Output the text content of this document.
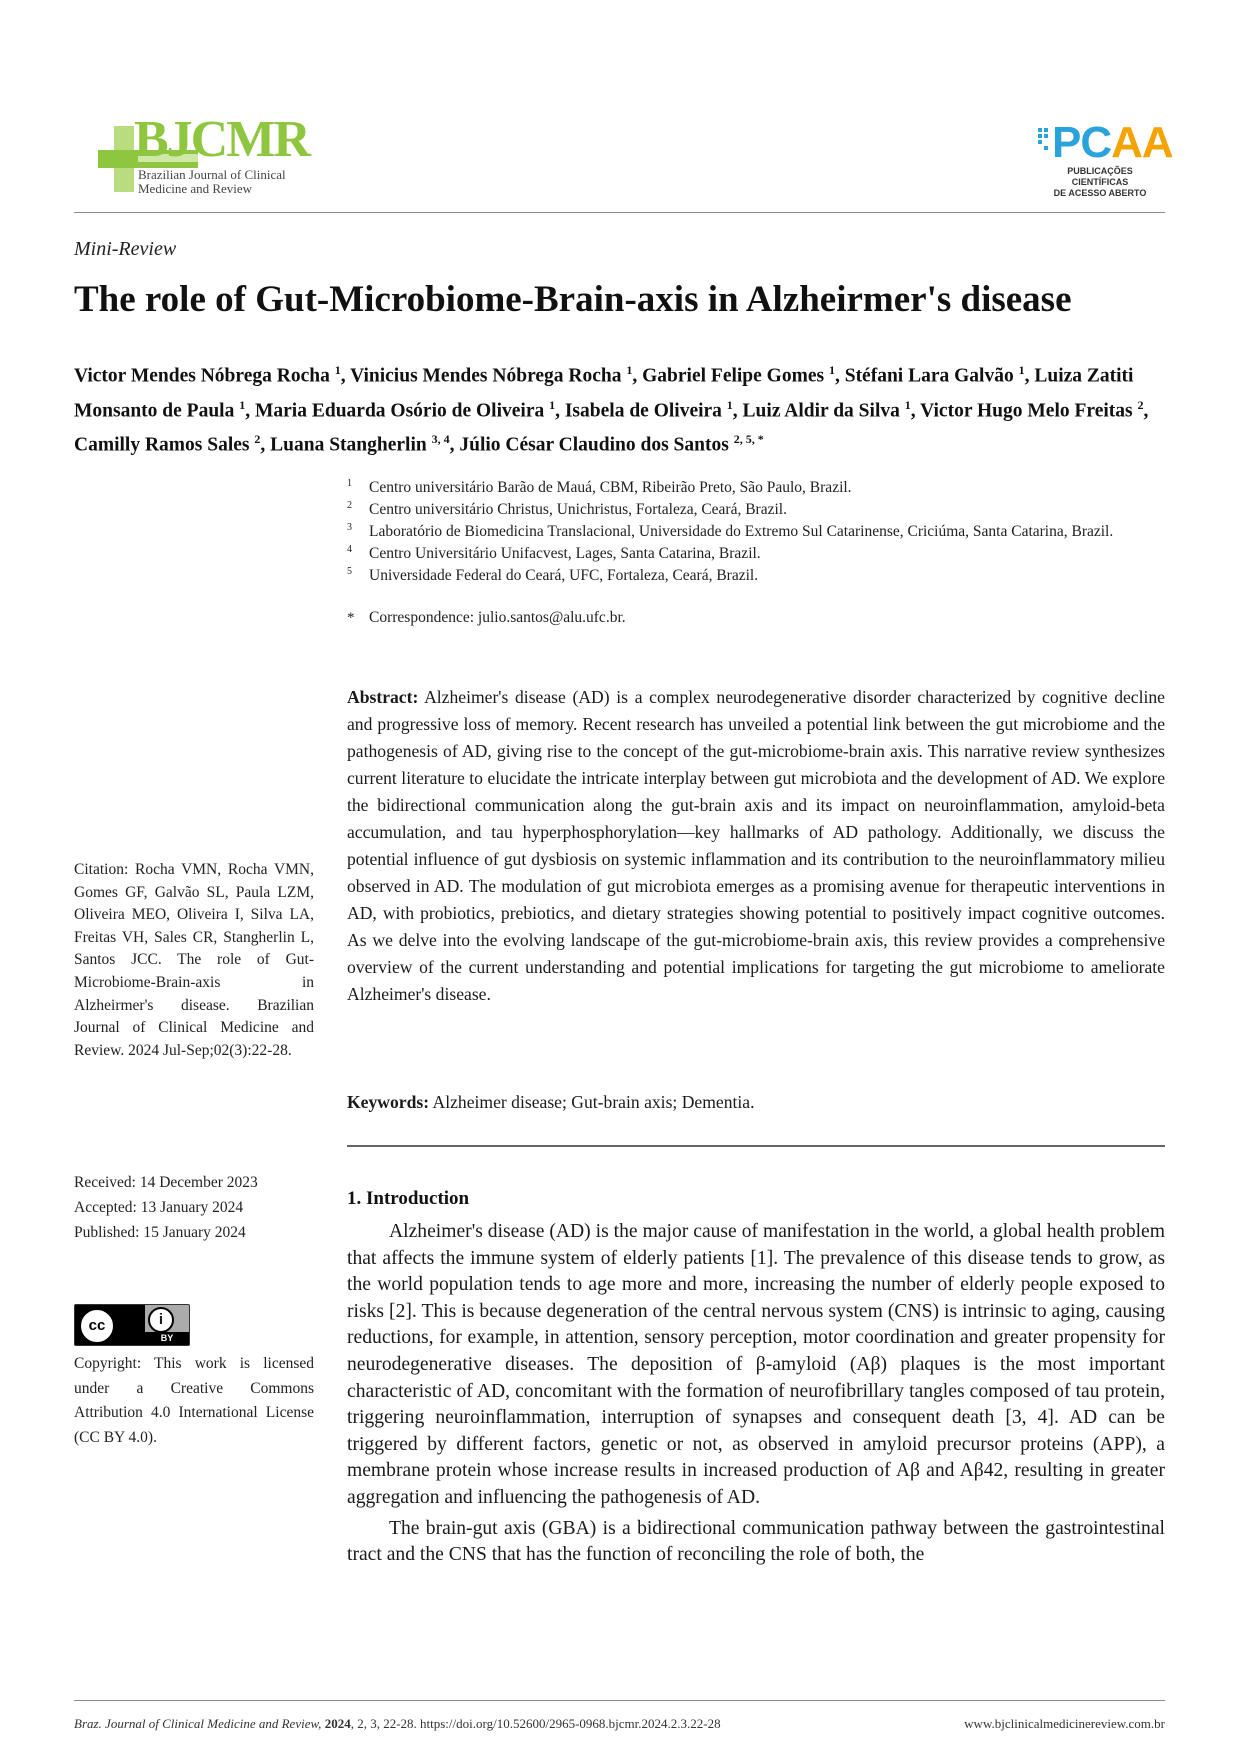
BJCMR
Brazilian Journal of Clinical
Medicine and Review
PCAA
PUBLICAÇÕES CIENTÍFICAS
DE ACESSO ABERTO
Mini-Review
The role of Gut-Microbiome-Brain-axis in Alzheirmer's disease
Victor Mendes Nóbrega Rocha $^1$, Vinicius Mendes Nóbrega Rocha $^1$, Gabriel Felipe Gomes $^1$, Stéfani Lara Galvão $^1$, Luiza Zatiti Monsanto de Paula $^1$, Maria Eduarda Osório de Oliveira $^1$, Isabela de Oliveira $^1$, Luiz Aldir da Silva $^1$, Victor Hugo Melo Freitas $^2$, Camilly Ramos Sales $^2$, Luana Stangherlin $^{3, 4}$, Júlio César Claudino dos Santos $^{2, 5, *}$
1 Centro universitário Barão de Mauá, CBM, Ribeirão Preto, São Paulo, Brazil.
2 Centro universitário Christus, Unichristus, Fortaleza, Ceará, Brazil.
3 Laboratório de Biomedicina Translacional, Universidade do Extremo Sul Catarinense, Criciúma, Santa Catarina, Brazil.
4 Centro Universitário Unifacvest, Lages, Santa Catarina, Brazil.
5 Universidade Federal do Ceará, UFC, Fortaleza, Ceará, Brazil.
* Correspondence: julio.santos@alu.ufc.br.
Abstract: Alzheimer's disease (AD) is a complex neurodegenerative disorder characterized by cognitive decline and progressive loss of memory. Recent research has unveiled a potential link between the gut microbiome and the pathogenesis of AD, giving rise to the concept of the gut-microbiome-brain axis. This narrative review synthesizes current literature to elucidate the intricate interplay between gut microbiota and the development of AD. We explore the bidirectional communication along the gut-brain axis and its impact on neuroinflammation, amyloid-beta accumulation, and tau hyperphosphorylation—key hallmarks of AD pathology. Additionally, we discuss the potential influence of gut dysbiosis on systemic inflammation and its contribution to the neuroinflammatory milieu observed in AD. The modulation of gut microbiota emerges as a promising avenue for therapeutic interventions in AD, with probiotics, prebiotics, and dietary strategies showing potential to positively impact cognitive outcomes. As we delve into the evolving landscape of the gut-microbiome-brain axis, this review provides a comprehensive overview of the current understanding and potential implications for targeting the gut microbiome to ameliorate Alzheimer's disease.
Keywords: Alzheimer disease; Gut-brain axis; Dementia.
Citation: Rocha VMN, Rocha VMN, Gomes GF, Galvão SL, Paula LZM, Oliveira MEO, Oliveira I, Silva LA, Freitas VH, Sales CR, Stangherlin L, Santos JCC. The role of Gut- Microbiome-Brain-axis in Alzheirmer's disease. Brazilian Journal of Clinical Medicine and Review. 2024 Jul-Sep;02(3):22-28.
Received: 14 December 2023
Accepted: 13 January 2024
Published: 15 January 2024
cc	i
BY
Copyright: This work is licensed under a Creative Commons Attribution 4.0 International License (CC BY 4.0).
1. Introduction

Alzheimer's disease (AD) is the major cause of manifestation in the world, a global health problem that affects the immune system of elderly patients [1]. The prevalence of this disease tends to grow, as the world population tends to age more and more, increasing the number of elderly people exposed to risks [2]. This is because degeneration of the central nervous system (CNS) is intrinsic to aging, causing reductions, for example, in attention, sensory perception, motor coordination and greater propensity for neurodegenerative diseases. The deposition of β-amyloid (Aβ) plaques is the most important characteristic of AD, concomitant with the formation of neurofibrillary tangles composed of tau protein, triggering neuroinflammation, interruption of synapses and consequent death [3, 4]. AD can be triggered by different factors, genetic or not, as observed in amyloid precursor proteins (APP), a membrane protein whose increase results in increased production of Aβ and Aβ42, resulting in greater aggregation and influencing the pathogenesis of AD.

The brain-gut axis (GBA) is a bidirectional communication pathway between the gastrointestinal tract and the CNS that has the function of reconciling the role of both, the

Braz. Journal of Clinical Medicine and Review, 2024, 2, 3, 22-28. https://doi.org/10.52600/2965-0968.bjcmr.2024.2.3.22-28	www.bjclinicalmedicinereview.com.br
